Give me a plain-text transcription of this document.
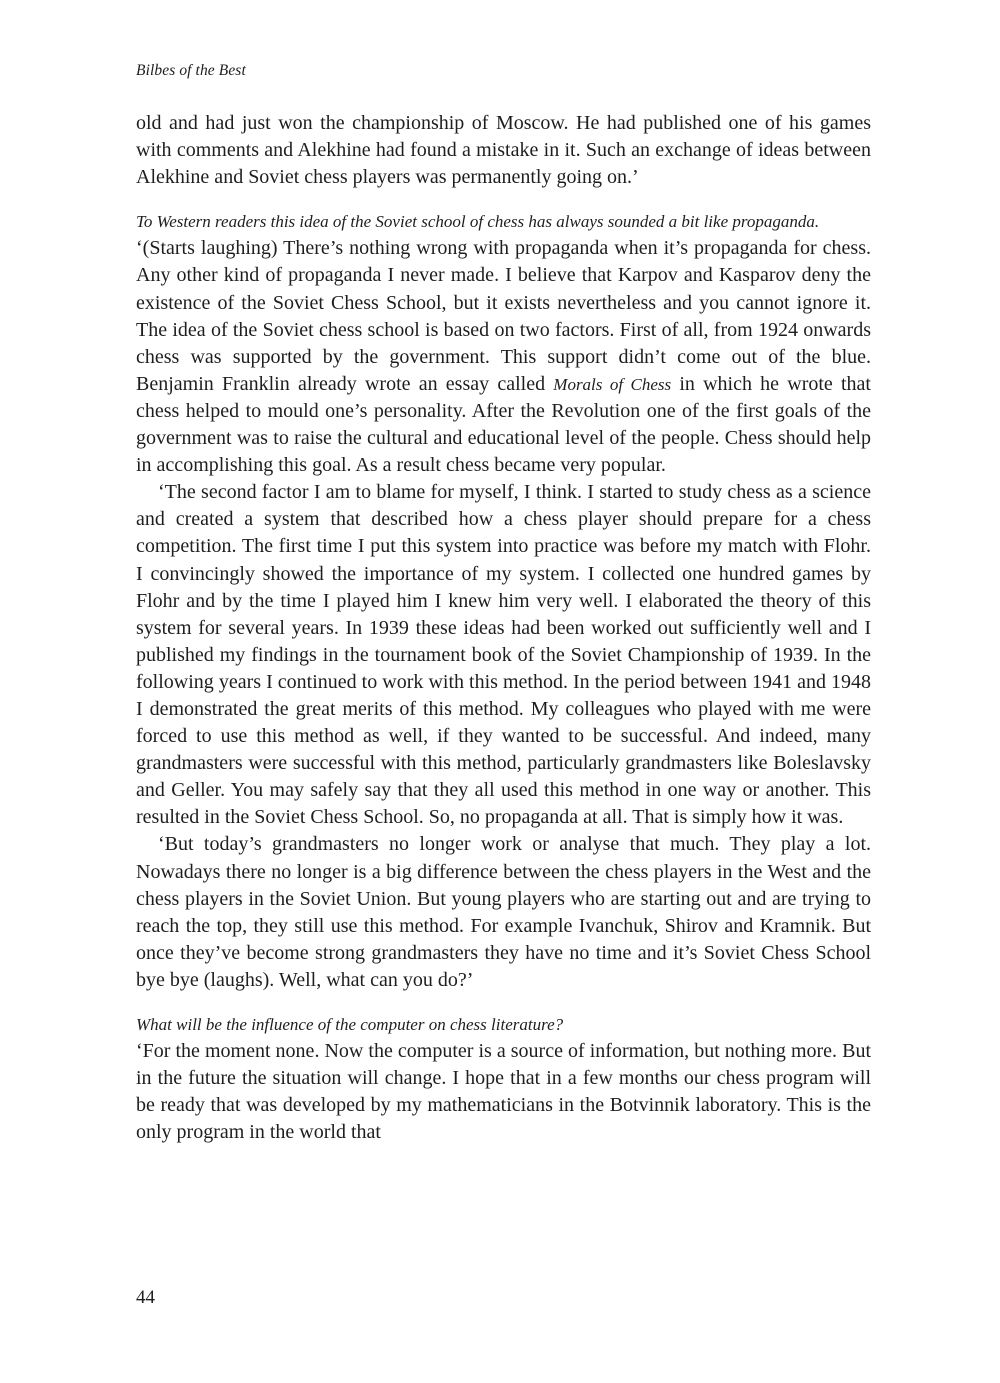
Bilbes of the Best

old and had just won the championship of Moscow. He had published one of his games with comments and Alekhine had found a mistake in it. Such an exchange of ideas between Alekhine and Soviet chess players was permanently going on.’

To Western readers this idea of the Soviet school of chess has always sounded a bit like propaganda.

‘(Starts laughing) There’s nothing wrong with propaganda when it’s propaganda for chess. Any other kind of propaganda I never made. I believe that Karpov and Kasparov deny the existence of the Soviet Chess School, but it exists nevertheless and you cannot ignore it. The idea of the Soviet chess school is based on two factors. First of all, from 1924 onwards chess was supported by the government. This support didn’t come out of the blue. Benjamin Franklin already wrote an essay called Morals of Chess in which he wrote that chess helped to mould one’s personality. After the Revolution one of the first goals of the government was to raise the cultural and educational level of the people. Chess should help in accomplishing this goal. As a result chess became very popular.

‘The second factor I am to blame for myself, I think. I started to study chess as a science and created a system that described how a chess player should prepare for a chess competition. The first time I put this system into practice was before my match with Flohr. I convincingly showed the importance of my system. I collected one hundred games by Flohr and by the time I played him I knew him very well. I elaborated the theory of this system for several years. In 1939 these ideas had been worked out sufficiently well and I published my findings in the tournament book of the Soviet Championship of 1939. In the following years I continued to work with this method. In the period between 1941 and 1948 I demonstrated the great merits of this method. My colleagues who played with me were forced to use this method as well, if they wanted to be successful. And indeed, many grandmasters were successful with this method, particularly grandmasters like Boleslavsky and Geller. You may safely say that they all used this method in one way or another. This resulted in the Soviet Chess School. So, no propaganda at all. That is simply how it was.

‘But today’s grandmasters no longer work or analyse that much. They play a lot. Nowadays there no longer is a big difference between the chess players in the West and the chess players in the Soviet Union. But young players who are starting out and are trying to reach the top, they still use this method. For example Ivanchuk, Shirov and Kramnik. But once they’ve become strong grandmasters they have no time and it’s Soviet Chess School bye bye (laughs). Well, what can you do?’

What will be the influence of the computer on chess literature?

‘For the moment none. Now the computer is a source of information, but nothing more. But in the future the situation will change. I hope that in a few months our chess program will be ready that was developed by my mathematicians in the Botvinnik laboratory. This is the only program in the world that

44
